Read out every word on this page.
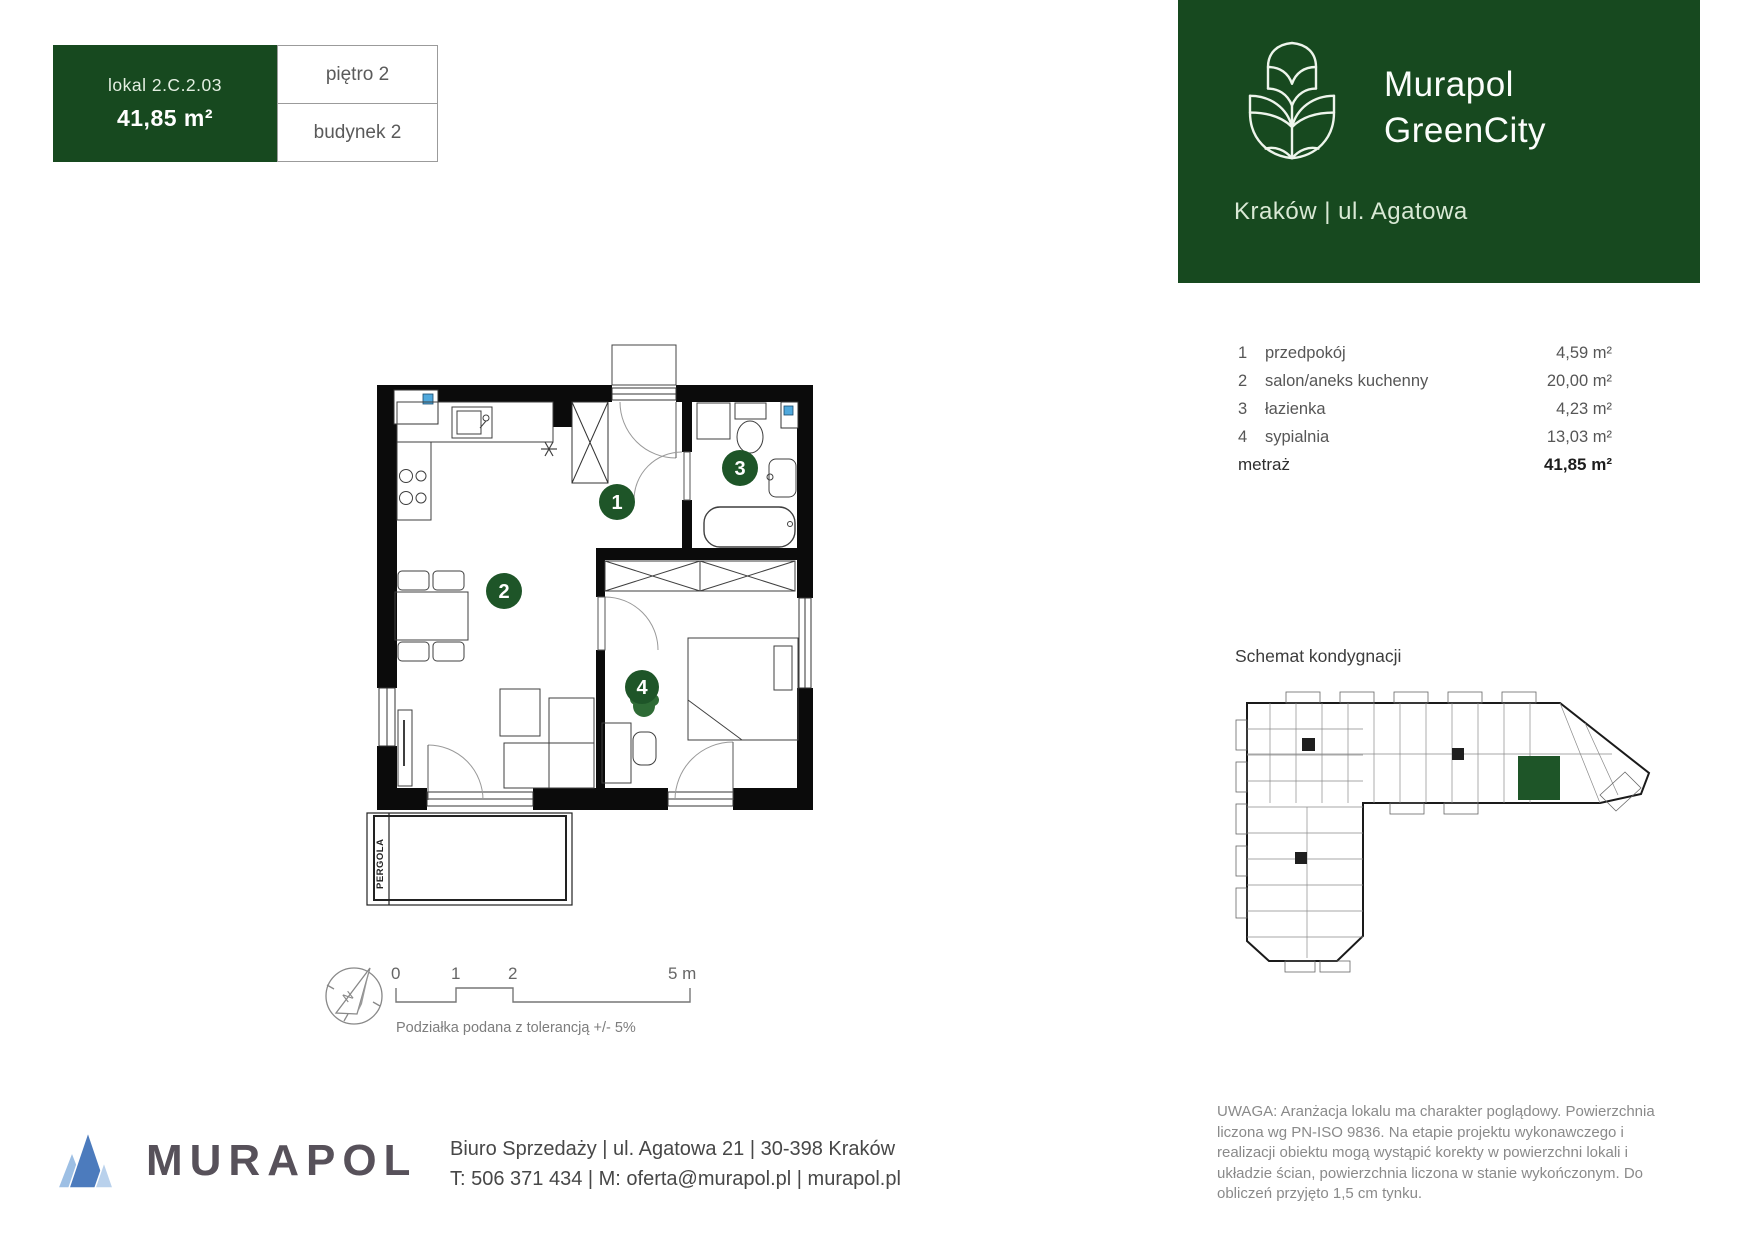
lokal 2.C.2.03
41,85 m²
piętro 2
budynek 2
Murapol
GreenCity
Kraków | ul. Agatowa
1	przedpokój	4,59 m²
2	salon/aneks kuchenny	20,00 m²
3	łazienka	4,23 m²
4	sypialnia	13,03 m²
metraż	41,85 m²
Schemat kondygnacji
1
2
3
4
PERGOLA
N
0	1	2	5 m
Podziałka podana z tolerancją +/- 5%
MURAPOL Biuro Sprzedaży | ul. Agatowa 21 | 30-398 Kraków
T: 506 371 434 | M: oferta@murapol.pl | murapol.pl
UWAGA: Aranżacja lokalu ma charakter poglądowy. Powierzchnia liczona wg PN-ISO 9836. Na etapie projektu wykonawczego i realizacji obiektu mogą wystąpić korekty w powierzchni lokali i układzie ścian, powierzchnia liczona w stanie wykończonym. Do obliczeń przyjęto 1,5 cm tynku.
